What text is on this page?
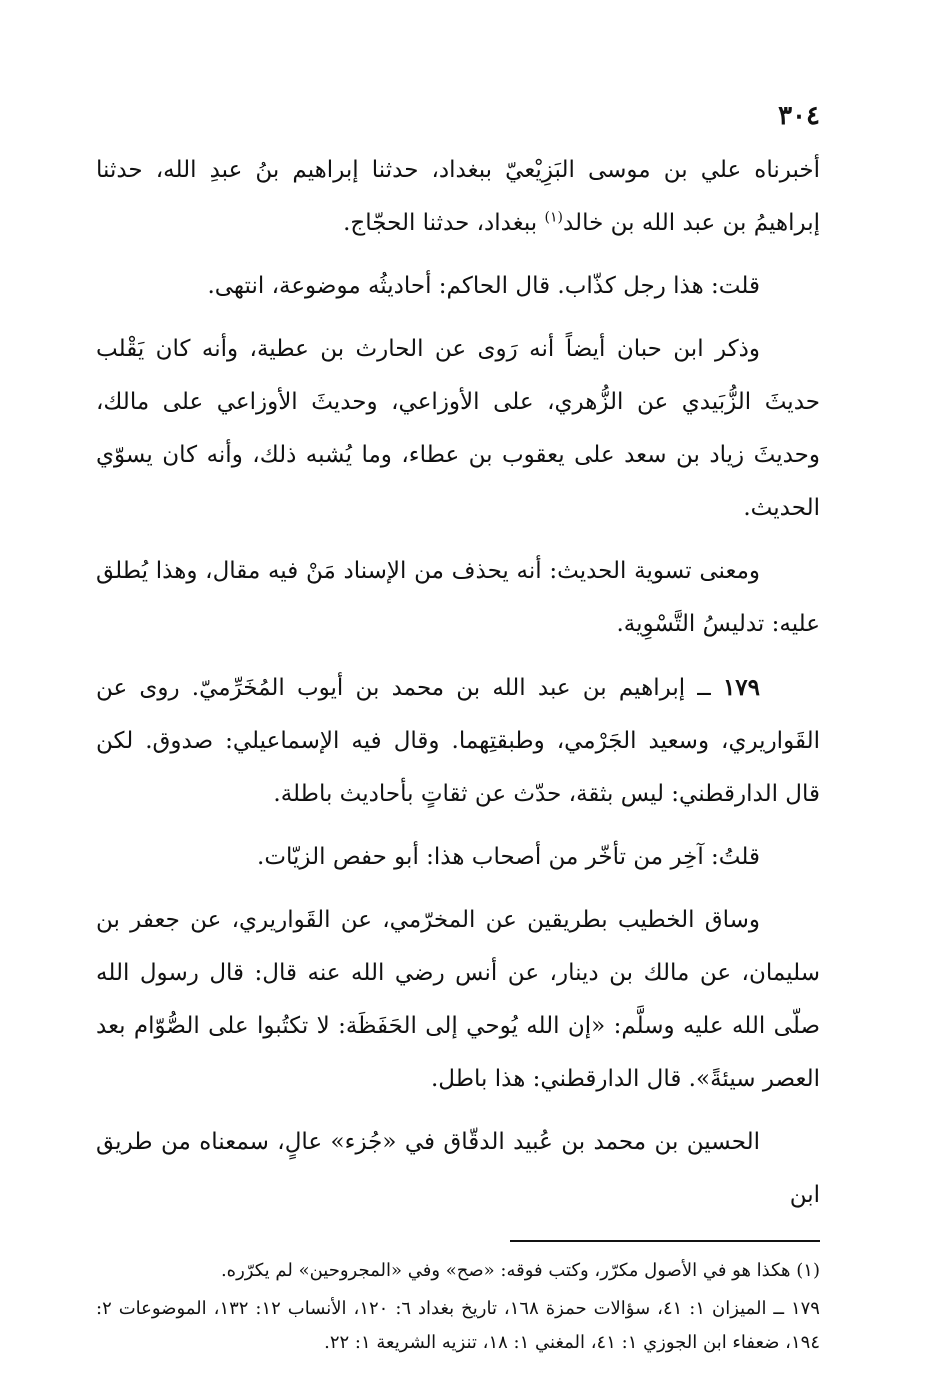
٣٠٤

أخبرناه علي بن موسى البَزِيْعيّ ببغداد، حدثنا إبراهيم بنُ عبدِ الله، حدثنا إبراهيمُ بن عبد الله بن خالد$^{(١)}$ ببغداد، حدثنا الحجّاج.

قلت: هذا رجل كذّاب. قال الحاكم: أحاديثُه موضوعة، انتهى.

وذكر ابن حبان أيضاً أنه رَوى عن الحارث بن عطية، وأنه كان يَقْلب حديثَ الزُّبَيدي عن الزُّهري، على الأوزاعي، وحديثَ الأوزاعي على مالك، وحديثَ زياد بن سعد على يعقوب بن عطاء، وما يُشبه ذلك، وأنه كان يسوّي الحديث.

ومعنى تسوية الحديث: أنه يحذف من الإسناد مَنْ فيه مقال، وهذا يُطلق عليه: تدليسُ التَّسْوِية.

١٧٩ ــ إبراهيم بن عبد الله بن محمد بن أيوب المُخَرِّميّ. روى عن القَواريري، وسعيد الجَرْمي، وطبقتِهما. وقال فيه الإسماعيلي: صدوق. لكن قال الدارقطني: ليس بثقة، حدّث عن ثقاتٍ بأحاديث باطلة.

قلتُ: آخِر من تأخّر من أصحاب هذا: أبو حفص الزيّات.

وساق الخطيب بطريقين عن المخرّمي، عن القَواريري، عن جعفر بن سليمان، عن مالك بن دينار، عن أنس رضي الله عنه قال: قال رسول الله صلّى الله عليه وسلَّم: «إن الله يُوحي إلى الحَفَظَة: لا تكتُبوا على الصُّوّام بعد العصر سيئةً». قال الدارقطني: هذا باطل.

الحسين بن محمد بن عُبيد الدقّاق في «جُزء» عالٍ، سمعناه من طريق ابن

(١) هكذا هو في الأصول مكرّر، وكتب فوقه: «صح» وفي «المجروحين» لم يكرّره.

١٧٩ ــ الميزان ١: ٤١، سؤالات حمزة ١٦٨، تاريخ بغداد ٦: ١٢٠، الأنساب ١٢: ١٣٢، الموضوعات ٢: ١٩٤، ضعفاء ابن الجوزي ١: ٤١، المغني ١: ١٨، تنزيه الشريعة ١: ٢٢.
